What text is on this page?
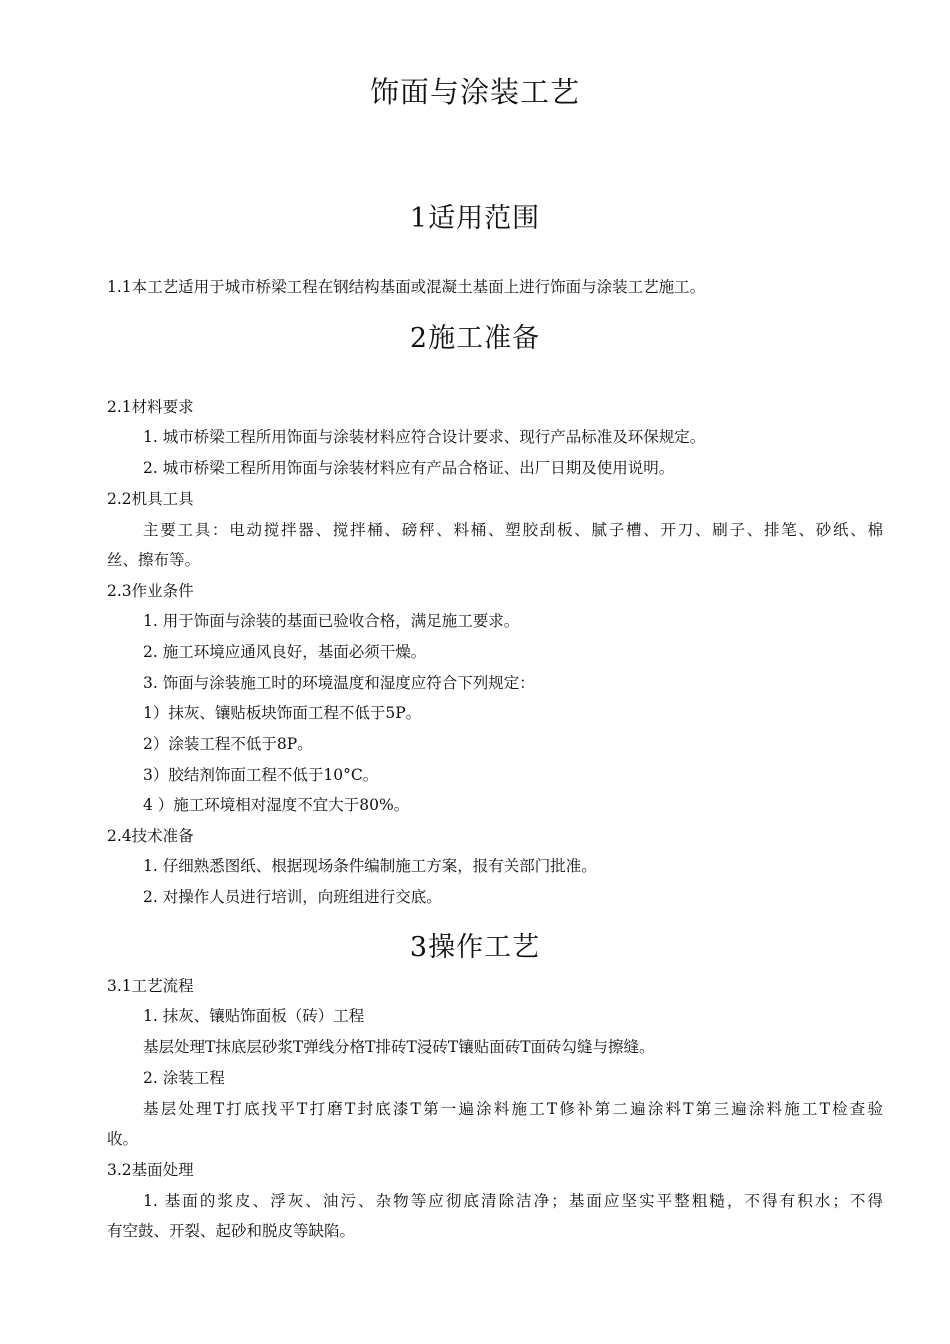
饰面与涂装工艺
1适用范围
1.1本工艺适用于城市桥梁工程在钢结构基面或混凝土基面上进行饰面与涂装工艺施工。
2施工准备
2.1材料要求
1. 城市桥梁工程所用饰面与涂装材料应符合设计要求、现行产品标准及环保规定。
2. 城市桥梁工程所用饰面与涂装材料应有产品合格证、出厂日期及使用说明。
2.2机具工具
主要工具：电动搅拌器、搅拌桶、磅秤、料桶、塑胶刮板、腻子槽、开刀、刷子、排笔、砂纸、棉
丝、擦布等。
2.3作业条件
1. 用于饰面与涂装的基面已验收合格，满足施工要求。
2. 施工环境应通风良好，基面必须干燥。
3. 饰面与涂装施工时的环境温度和湿度应符合下列规定：
1）抹灰、镶贴板块饰面工程不低于5P。
2）涂装工程不低于8P。
3）胶结剂饰面工程不低于10°C。
4 ）施工环境相对湿度不宜大于80%。
2.4技术准备
1. 仔细熟悉图纸、根据现场条件编制施工方案，报有关部门批准。
2. 对操作人员进行培训，向班组进行交底。
3操作工艺
3.1工艺流程
1. 抹灰、镶贴饰面板（砖）工程
基层处理T抹底层砂浆T弹线分格T排砖T浸砖T镶贴面砖T面砖勾缝与擦缝。
2. 涂装工程
基层处理T打底找平T打磨T封底漆T第一遍涂料施工T修补第二遍涂料T第三遍涂料施工T检查验
收。
3.2基面处理
1. 基面的浆皮、浮灰、油污、杂物等应彻底清除洁净；基面应坚实平整粗糙，不得有积水；不得
有空鼓、开裂、起砂和脱皮等缺陷。
